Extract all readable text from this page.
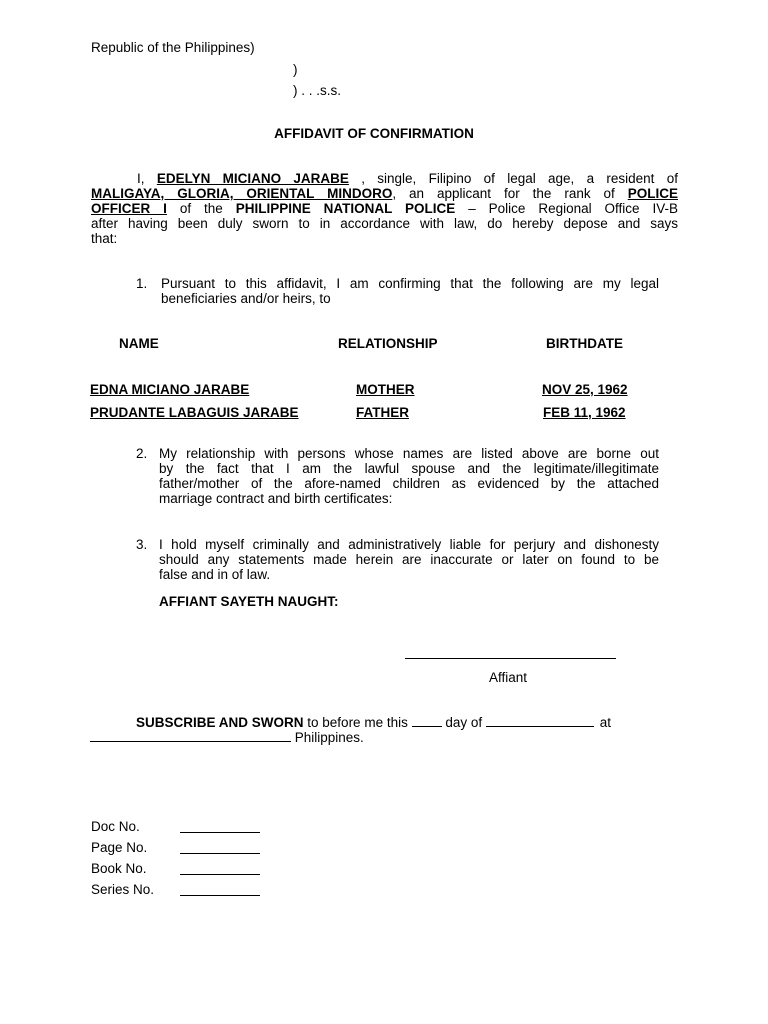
Republic of the Philippines)
)
) . . .s.s.
AFFIDAVIT OF CONFIRMATION
I, EDELYN MICIANO JARABE , single, Filipino of legal age, a resident of
MALIGAYA, GLORIA, ORIENTAL MINDORO, an applicant for the rank of POLICE
OFFICER I of the PHILIPPINE NATIONAL POLICE – Police Regional Office IV-B
after having been duly sworn to in accordance with law, do hereby depose and says
that:
1. Pursuant to this affidavit, I am confirming that the following are my legal
beneficiaries and/or heirs, to
NAME	RELATIONSHIP	BIRTHDATE
EDNA MICIANO JARABE	MOTHER	NOV 25, 1962
PRUDANTE LABAGUIS JARABE	FATHER	FEB 11, 1962
2. My relationship with persons whose names are listed above are borne out
by the fact that I am the lawful spouse and the legitimate/illegitimate
father/mother of the afore-named children as evidenced by the attached
marriage contract and birth certificates:
3. I hold myself criminally and administratively liable for perjury and dishonesty
should any statements made herein are inaccurate or later on found to be
false and in of law.
AFFIANT SAYETH NAUGHT:
Affiant
SUBSCRIBE AND SWORN to before me this	day of	at
Philippines.
Doc No.
Page No.
Book No.
Series No.
